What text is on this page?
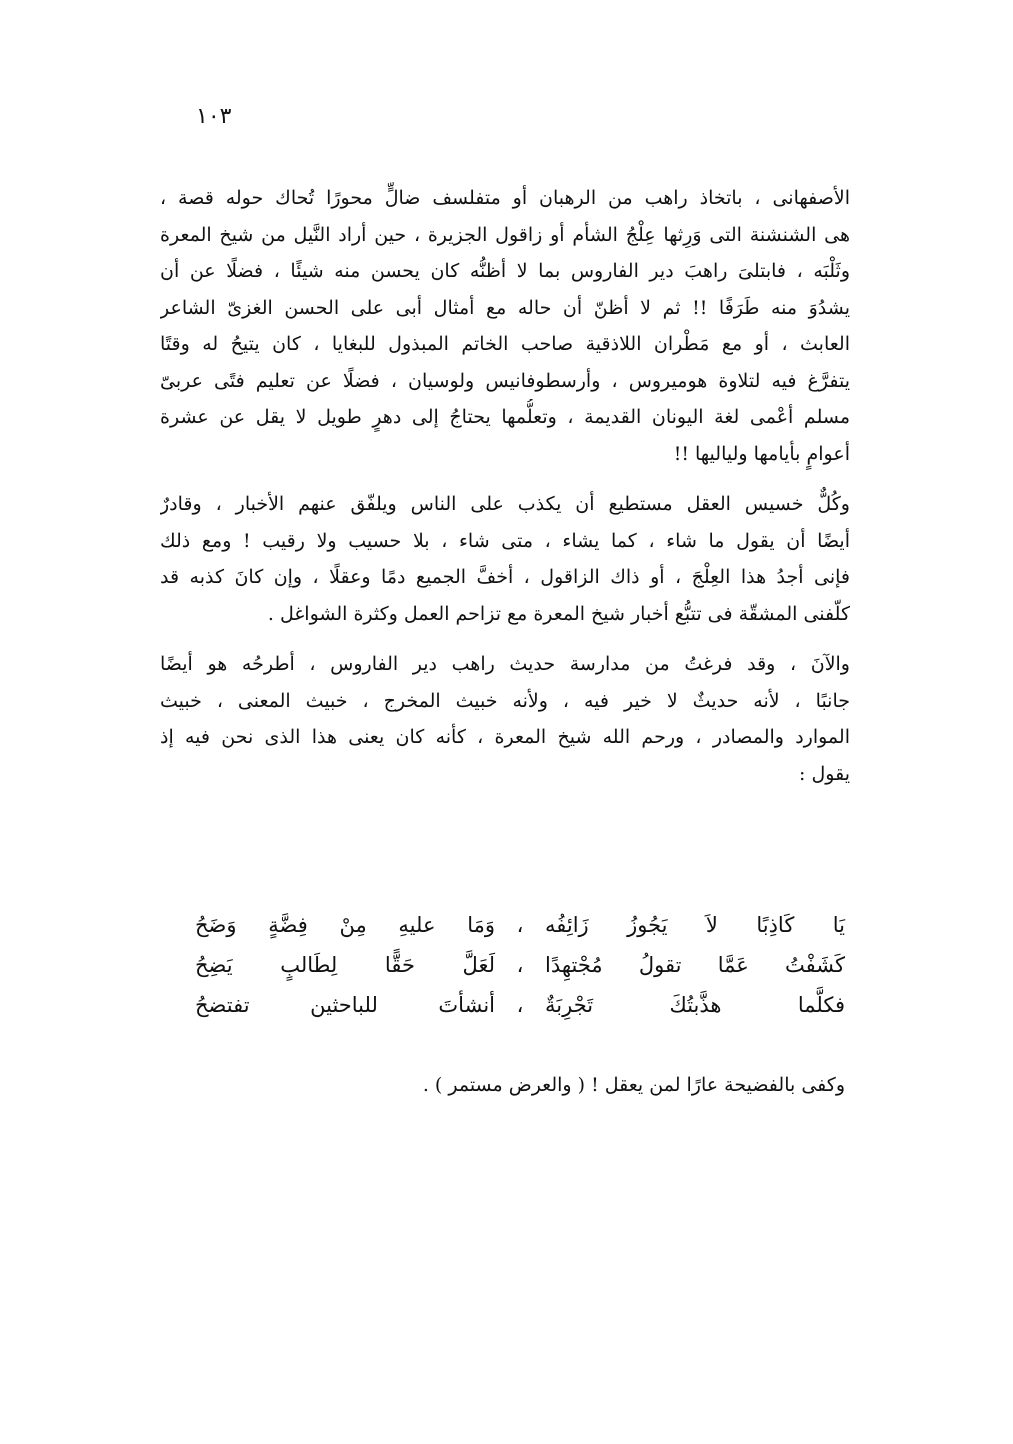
١٠٣
الأصفهانى ، باتخاذ راهب من الرهبان أو متفلسف ضالٍّ محورًا تُحاك حوله قصة ،
هى الشنشنة التى وَرِثها عِلْجُ الشأم أو زاقول الجزيرة ، حين أراد النَّيل من شيخ المعرة
وثَلْبَه ، فابتلىَ راهبَ دير الفاروس بما لا أظنُّه كان يحسن منه شيئًا ، فضلًا عن أن
يشدُوَ منه طَرَفًا !! ثم لا أظنّ أن حاله مع أمثال أبى على الحسن الغزىّ الشاعر
العابث ، أو مع مَطْران اللاذقية صاحب الخاتم المبذول للبغايا ، كان يتيحُ له وقتًا
يتفرَّغ فيه لتلاوة هوميروس ، وأرسطوفانيس ولوسيان ، فضلًا عن تعليم فتًى عربىّ
مسلم أعْمى لغة اليونان القديمة ، وتعلُّمها يحتاجُ إلى دهرٍ طويل لا يقل عن عشرة
أعوامٍ بأيامها ولياليها !!
وكُلٌّ خسيس العقل مستطيع أن يكذب على الناس ويلفّق عنهم الأخبار ، وقادرٌ
أيضًا أن يقول ما شاء ، كما يشاء ، متى شاء ، بلا حسيب ولا رقيب ! ومع ذلك
فإنى أجدُ هذا العِلْجَ ، أو ذاك الزاقول ، أخفَّ الجميع دمًا وعقلًا ، وإن كانَ كذبه قد
كلّفنى المشقّة فى تتبُّع أخبار شيخ المعرة مع تزاحم العمل وكثرة الشواغل .
والآنَ ، وقد فرغتُ من مدارسة حديث راهب دير الفاروس ، أطرحُه هو أيضًا
جانبًا ، لأنه حديثٌ لا خير فيه ، ولأنه خبيث المخرج ، خبيث المعنى ، خبيث
الموارد والمصادر ، ورحم الله شيخ المعرة ، كأنه كان يعنى هذا الذى نحن فيه إذ
يقول :
يَا كَاذِبًا لاَ يَجُوزُ زَائِفُه
،
وَمَا عليهِ مِنْ فِضَّةٍ وَضَحُ
كَشَفْتُ عَمَّا تقولُ مُجْتهِدًا
،
لَعَلَّ حَقًّا لِطَالبٍ يَضِحُ
فكلَّما هذَّبتُكَ تَجْرِبَةٌ
،
أنشأتَ للباحثين تفتضحُ
وكفى بالفضيحة عارًا لمن يعقل ! ( والعرض مستمر ) .
